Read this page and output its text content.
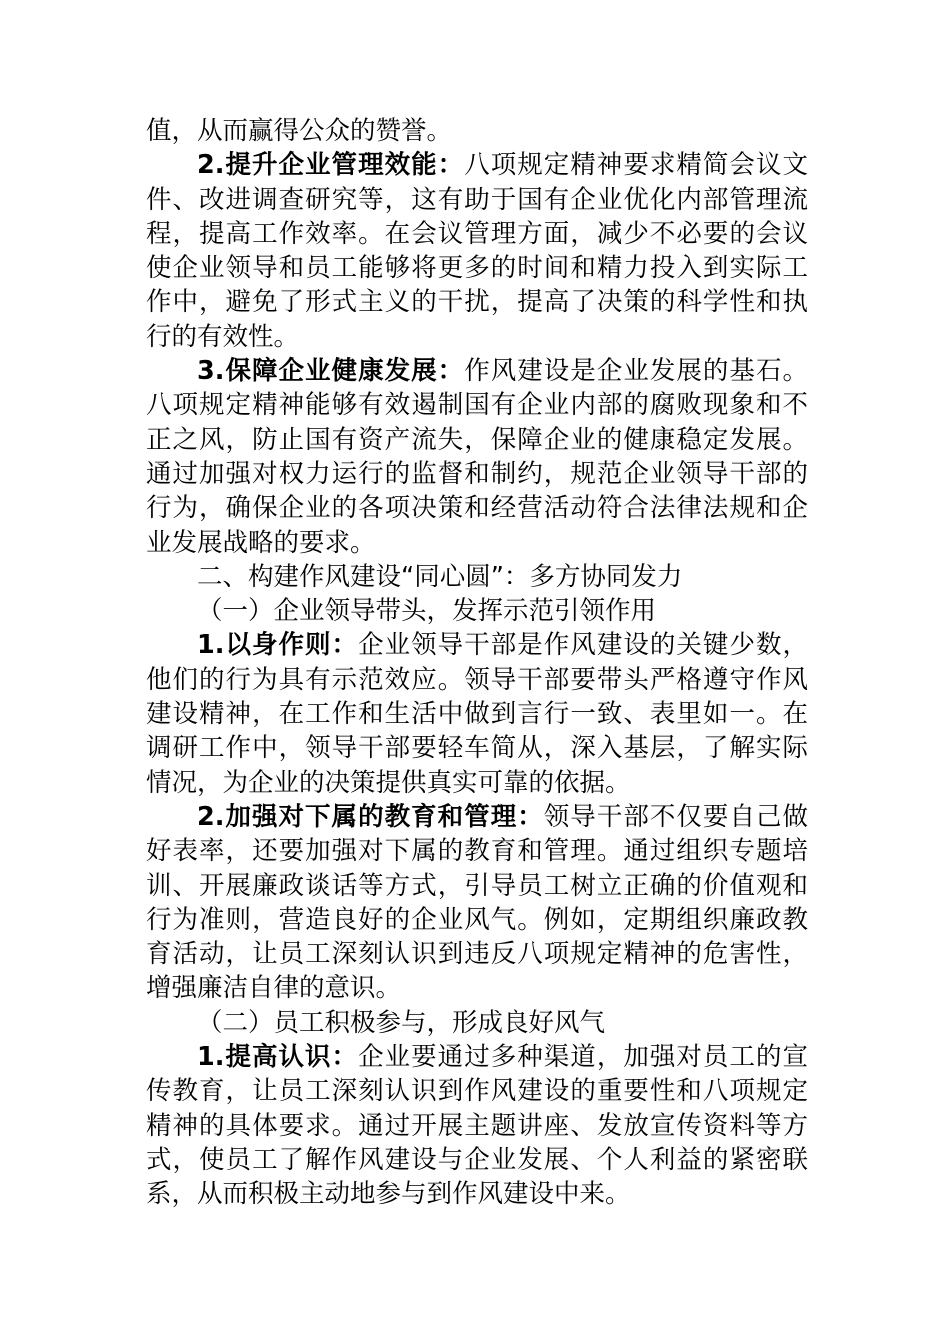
值，从而赢得公众的赞誉。

2.提升企业管理效能：八项规定精神要求精简会议文件、改进调查研究等，这有助于国有企业优化内部管理流程，提高工作效率。在会议管理方面，减少不必要的会议使企业领导和员工能够将更多的时间和精力投入到实际工作中，避免了形式主义的干扰，提高了决策的科学性和执行的有效性。

3.保障企业健康发展：作风建设是企业发展的基石。八项规定精神能够有效遏制国有企业内部的腐败现象和不正之风，防止国有资产流失，保障企业的健康稳定发展。通过加强对权力运行的监督和制约，规范企业领导干部的行为，确保企业的各项决策和经营活动符合法律法规和企业发展战略的要求。

二、构建作风建设“同心圆”：多方协同发力

（一）企业领导带头，发挥示范引领作用

1.以身作则：企业领导干部是作风建设的关键少数，他们的行为具有示范效应。领导干部要带头严格遵守作风建设精神，在工作和生活中做到言行一致、表里如一。在调研工作中，领导干部要轻车简从，深入基层，了解实际情况，为企业的决策提供真实可靠的依据。

2.加强对下属的教育和管理：领导干部不仅要自己做好表率，还要加强对下属的教育和管理。通过组织专题培训、开展廉政谈话等方式，引导员工树立正确的价值观和行为准则，营造良好的企业风气。例如，定期组织廉政教育活动，让员工深刻认识到违反八项规定精神的危害性，增强廉洁自律的意识。

（二）员工积极参与，形成良好风气

1.提高认识：企业要通过多种渠道，加强对员工的宣传教育，让员工深刻认识到作风建设的重要性和八项规定精神的具体要求。通过开展主题讲座、发放宣传资料等方式，使员工了解作风建设与企业发展、个人利益的紧密联系，从而积极主动地参与到作风建设中来。
